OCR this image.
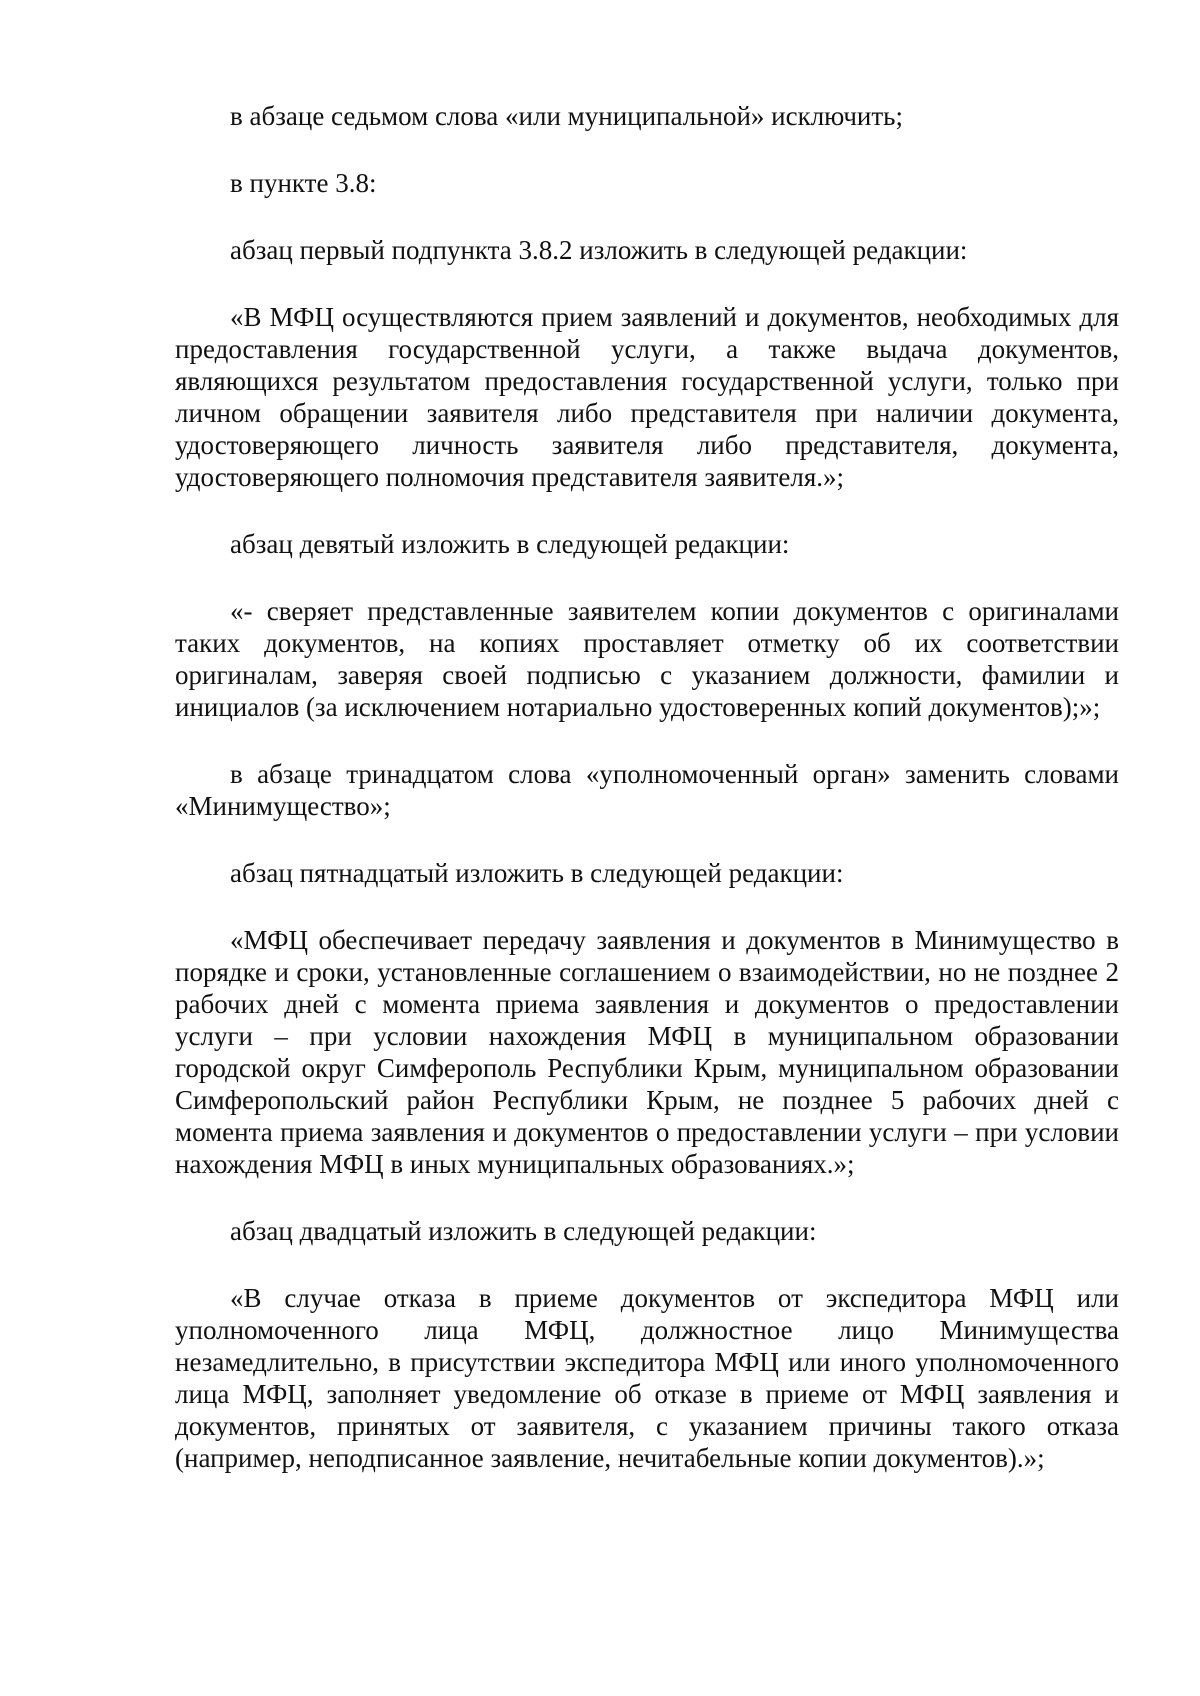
в абзаце седьмом слова «или муниципальной» исключить;

в пункте 3.8:

абзац первый подпункта 3.8.2 изложить в следующей редакции:

«В МФЦ осуществляются прием заявлений и документов, необходимых для предоставления государственной услуги, а также выдача документов, являющихся результатом предоставления государственной услуги, только при личном обращении заявителя либо представителя при наличии документа, удостоверяющего личность заявителя либо представителя, документа, удостоверяющего полномочия представителя заявителя.»;

абзац девятый изложить в следующей редакции:

«- сверяет представленные заявителем копии документов с оригиналами таких документов, на копиях проставляет отметку об их соответствии оригиналам, заверяя своей подписью с указанием должности, фамилии и инициалов (за исключением нотариально удостоверенных копий документов);»;

в абзаце тринадцатом слова «уполномоченный орган» заменить словами «Минимущество»;

абзац пятнадцатый изложить в следующей редакции:

«МФЦ обеспечивает передачу заявления и документов в Минимущество в порядке и сроки, установленные соглашением о взаимодействии, но не позднее 2 рабочих дней с момента приема заявления и документов о предоставлении услуги – при условии нахождения МФЦ в муниципальном образовании городской округ Симферополь Республики Крым, муниципальном образовании Симферопольский район Республики Крым, не позднее 5 рабочих дней с момента приема заявления и документов о предоставлении услуги – при условии нахождения МФЦ в иных муниципальных образованиях.»;

абзац двадцатый изложить в следующей редакции:

«В случае отказа в приеме документов от экспедитора МФЦ или уполномоченного лица МФЦ, должностное лицо Минимущества незамедлительно, в присутствии экспедитора МФЦ или иного уполномоченного лица МФЦ, заполняет уведомление об отказе в приеме от МФЦ заявления и документов, принятых от заявителя, с указанием причины такого отказа (например, неподписанное заявление, нечитабельные копии документов).»;
